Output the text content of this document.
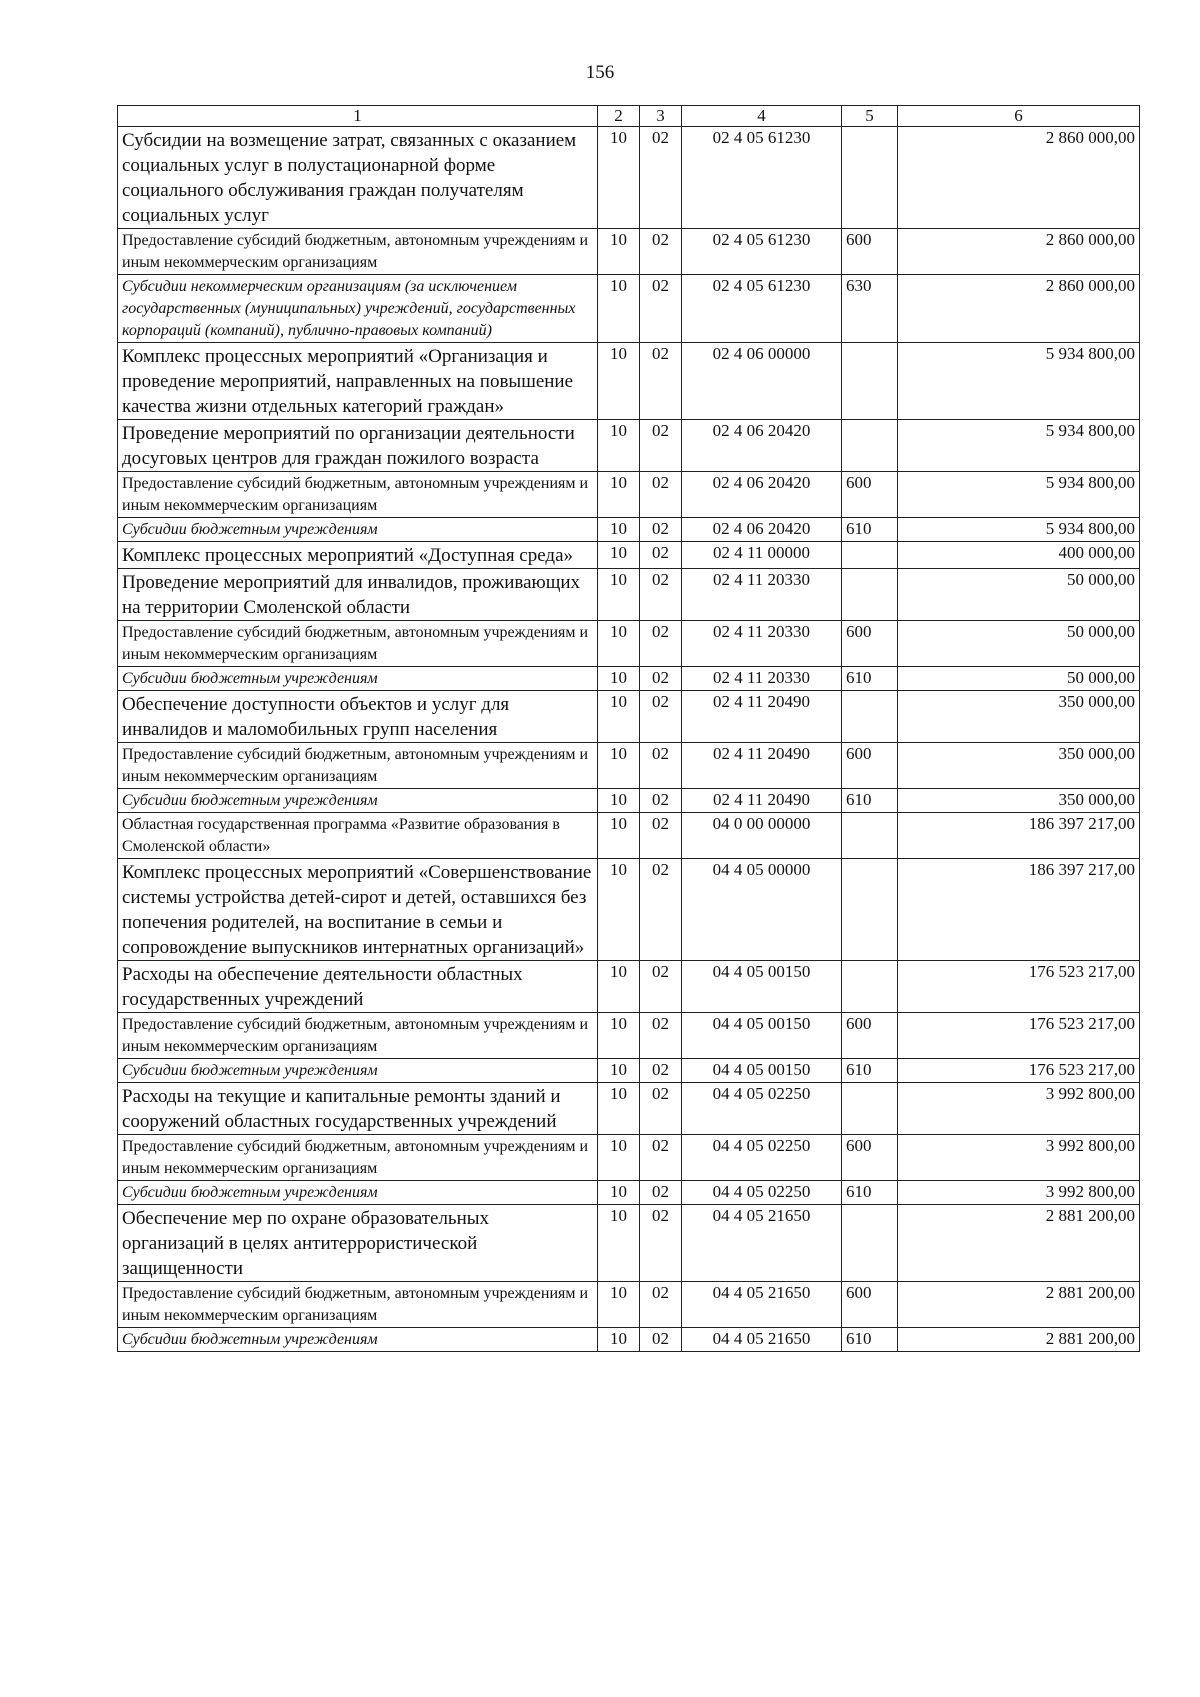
156
1	2	3	4	5	6
Субсидии на возмещение затрат, связанных с оказанием социальных услуг в полустационарной форме социального обслуживания граждан получателям социальных услуг	10	02	02 4 05 61230		2 860 000,00
Предоставление субсидий бюджетным, автономным учреждениям и иным некоммерческим организациям	10	02	02 4 05 61230	600	2 860 000,00
Субсидии некоммерческим организациям (за исключением государственных (муниципальных) учреждений, государственных корпораций (компаний), публично-правовых компаний)	10	02	02 4 05 61230	630	2 860 000,00
Комплекс процессных мероприятий «Организация и проведение мероприятий, направленных на повышение качества жизни отдельных категорий граждан»	10	02	02 4 06 00000		5 934 800,00
Проведение мероприятий по организации деятельности досуговых центров для граждан пожилого возраста	10	02	02 4 06 20420		5 934 800,00
Предоставление субсидий бюджетным, автономным учреждениям и иным некоммерческим организациям	10	02	02 4 06 20420	600	5 934 800,00
Субсидии бюджетным учреждениям	10	02	02 4 06 20420	610	5 934 800,00
Комплекс процессных мероприятий «Доступная среда»	10	02	02 4 11 00000		400 000,00
Проведение мероприятий для инвалидов, проживающих на территории Смоленской области	10	02	02 4 11 20330		50 000,00
Предоставление субсидий бюджетным, автономным учреждениям и иным некоммерческим организациям	10	02	02 4 11 20330	600	50 000,00
Субсидии бюджетным учреждениям	10	02	02 4 11 20330	610	50 000,00
Обеспечение доступности объектов и услуг для инвалидов и маломобильных групп населения	10	02	02 4 11 20490		350 000,00
Предоставление субсидий бюджетным, автономным учреждениям и иным некоммерческим организациям	10	02	02 4 11 20490	600	350 000,00
Субсидии бюджетным учреждениям	10	02	02 4 11 20490	610	350 000,00
Областная государственная программа «Развитие образования в Смоленской области»	10	02	04 0 00 00000		186 397 217,00
Комплекс процессных мероприятий «Совершенствование системы устройства детей-сирот и детей, оставшихся без попечения родителей, на воспитание в семьи и сопровождение выпускников интернатных организаций»	10	02	04 4 05 00000		186 397 217,00
Расходы на обеспечение деятельности областных государственных учреждений	10	02	04 4 05 00150		176 523 217,00
Предоставление субсидий бюджетным, автономным учреждениям и иным некоммерческим организациям	10	02	04 4 05 00150	600	176 523 217,00
Субсидии бюджетным учреждениям	10	02	04 4 05 00150	610	176 523 217,00
Расходы на текущие и капитальные ремонты зданий и сооружений областных государственных учреждений	10	02	04 4 05 02250		3 992 800,00
Предоставление субсидий бюджетным, автономным учреждениям и иным некоммерческим организациям	10	02	04 4 05 02250	600	3 992 800,00
Субсидии бюджетным учреждениям	10	02	04 4 05 02250	610	3 992 800,00
Обеспечение мер по охране образовательных организаций в целях антитеррористической защищенности	10	02	04 4 05 21650		2 881 200,00
Предоставление субсидий бюджетным, автономным учреждениям и иным некоммерческим организациям	10	02	04 4 05 21650	600	2 881 200,00
Субсидии бюджетным учреждениям	10	02	04 4 05 21650	610	2 881 200,00
